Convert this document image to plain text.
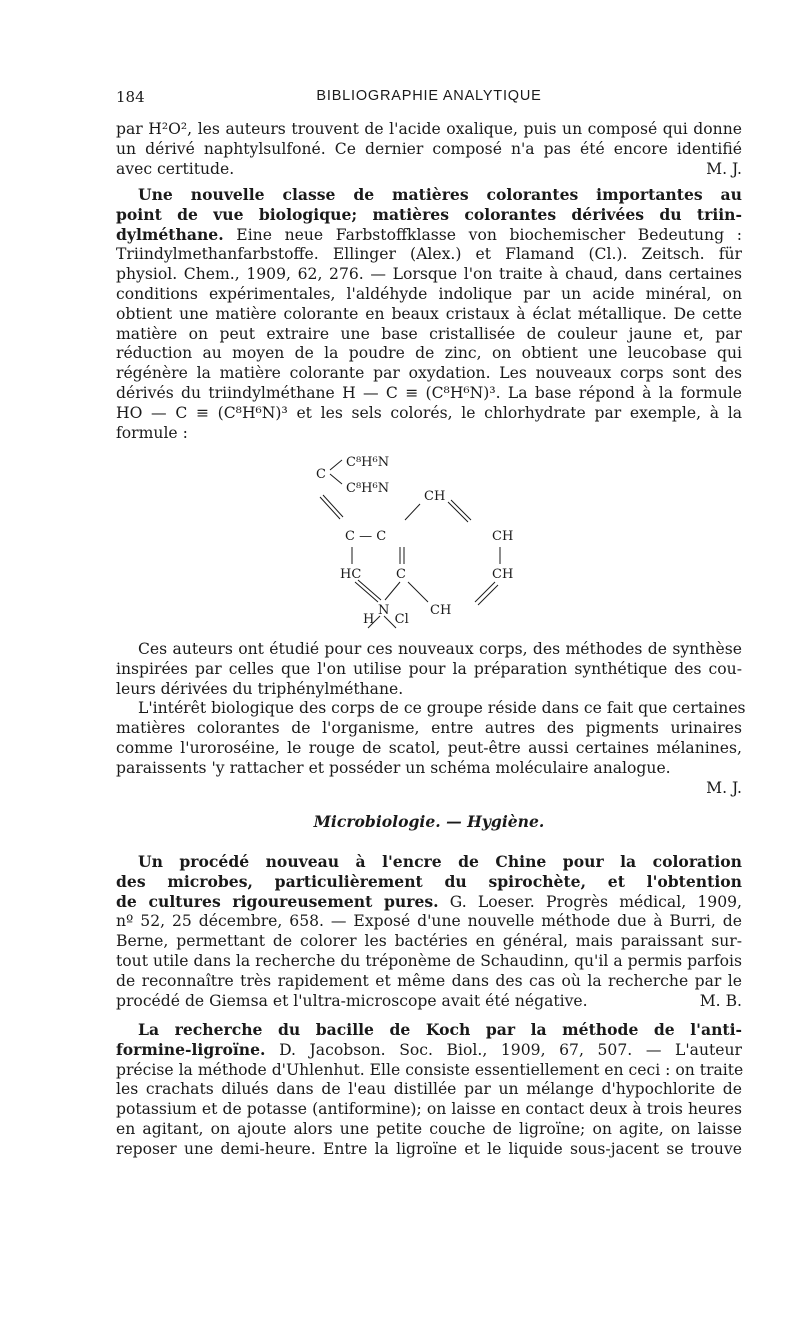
184	BIBLIOGRAPHIE ANALYTIQUE

par H²O², les auteurs trouvent de l'acide oxalique, puis un composé qui donne
un dérivé naphtylsulfoné. Ce dernier composé n'a pas été encore identifié
avec certitude.	M. J.

Une nouvelle classe de matières colorantes importantes au
point de vue biologique; matières colorantes dérivées du triin-
dylméthane. Eine neue Farbstoffklasse von biochemischer Bedeutung :
Triindylmethanfarbstoffe. Ellinger (Alex.) et Flamand (Cl.). Zeitsch. für
physiol. Chem., 1909, 62, 276. — Lorsque l'on traite à chaud, dans certaines
conditions expérimentales, l'aldéhyde indolique par un acide minéral, on
obtient une matière colorante en beaux cristaux à éclat métallique. De cette
matière on peut extraire une base cristallisée de couleur jaune et, par
réduction au moyen de la poudre de zinc, on obtient une leucobase qui
régénère la matière colorante par oxydation. Les nouveaux corps sont des
dérivés du triindylméthane H — C ≡ (C⁸H⁶N)³. La base répond à la formule
HO — C ≡ (C⁸H⁶N)³ et les sels colorés, le chlorhydrate par exemple, à la
formule :

C
C⁸H⁶N
C⁸H⁶N
CH
C — C	CH
HC	C	CH
N	CH
H Cl

Ces auteurs ont étudié pour ces nouveaux corps, des méthodes de synthèse
inspirées par celles que l'on utilise pour la préparation synthétique des cou-
leurs dérivées du triphénylméthane.
L'intérêt biologique des corps de ce groupe réside dans ce fait que certaines
matières colorantes de l'organisme, entre autres des pigments urinaires
comme l'uroroséine, le rouge de scatol, peut-être aussi certaines mélanines,
paraissents 'y rattacher et posséder un schéma moléculaire analogue.
M. J.

Microbiologie. — Hygiène.

Un procédé nouveau à l'encre de Chine pour la coloration
des microbes, particulièrement du spirochète, et l'obtention
de cultures rigoureusement pures. G. Loeser. Progrès médical, 1909,
nº 52, 25 décembre, 658. — Exposé d'une nouvelle méthode due à Burri, de
Berne, permettant de colorer les bactéries en général, mais paraissant sur-
tout utile dans la recherche du tréponème de Schaudinn, qu'il a permis parfois
de reconnaître très rapidement et même dans des cas où la recherche par le
procédé de Giemsa et l'ultra-microscope avait été négative.	M. B.

La recherche du bacille de Koch par la méthode de l'anti-
formine-ligroïne. D. Jacobson. Soc. Biol., 1909, 67, 507. — L'auteur
précise la méthode d'Uhlenhut. Elle consiste essentiellement en ceci : on traite
les crachats dilués dans de l'eau distillée par un mélange d'hypochlorite de
potassium et de potasse (antiformine); on laisse en contact deux à trois heures
en agitant, on ajoute alors une petite couche de ligroïne; on agite, on laisse
reposer une demi-heure. Entre la ligroïne et le liquide sous-jacent se trouve
